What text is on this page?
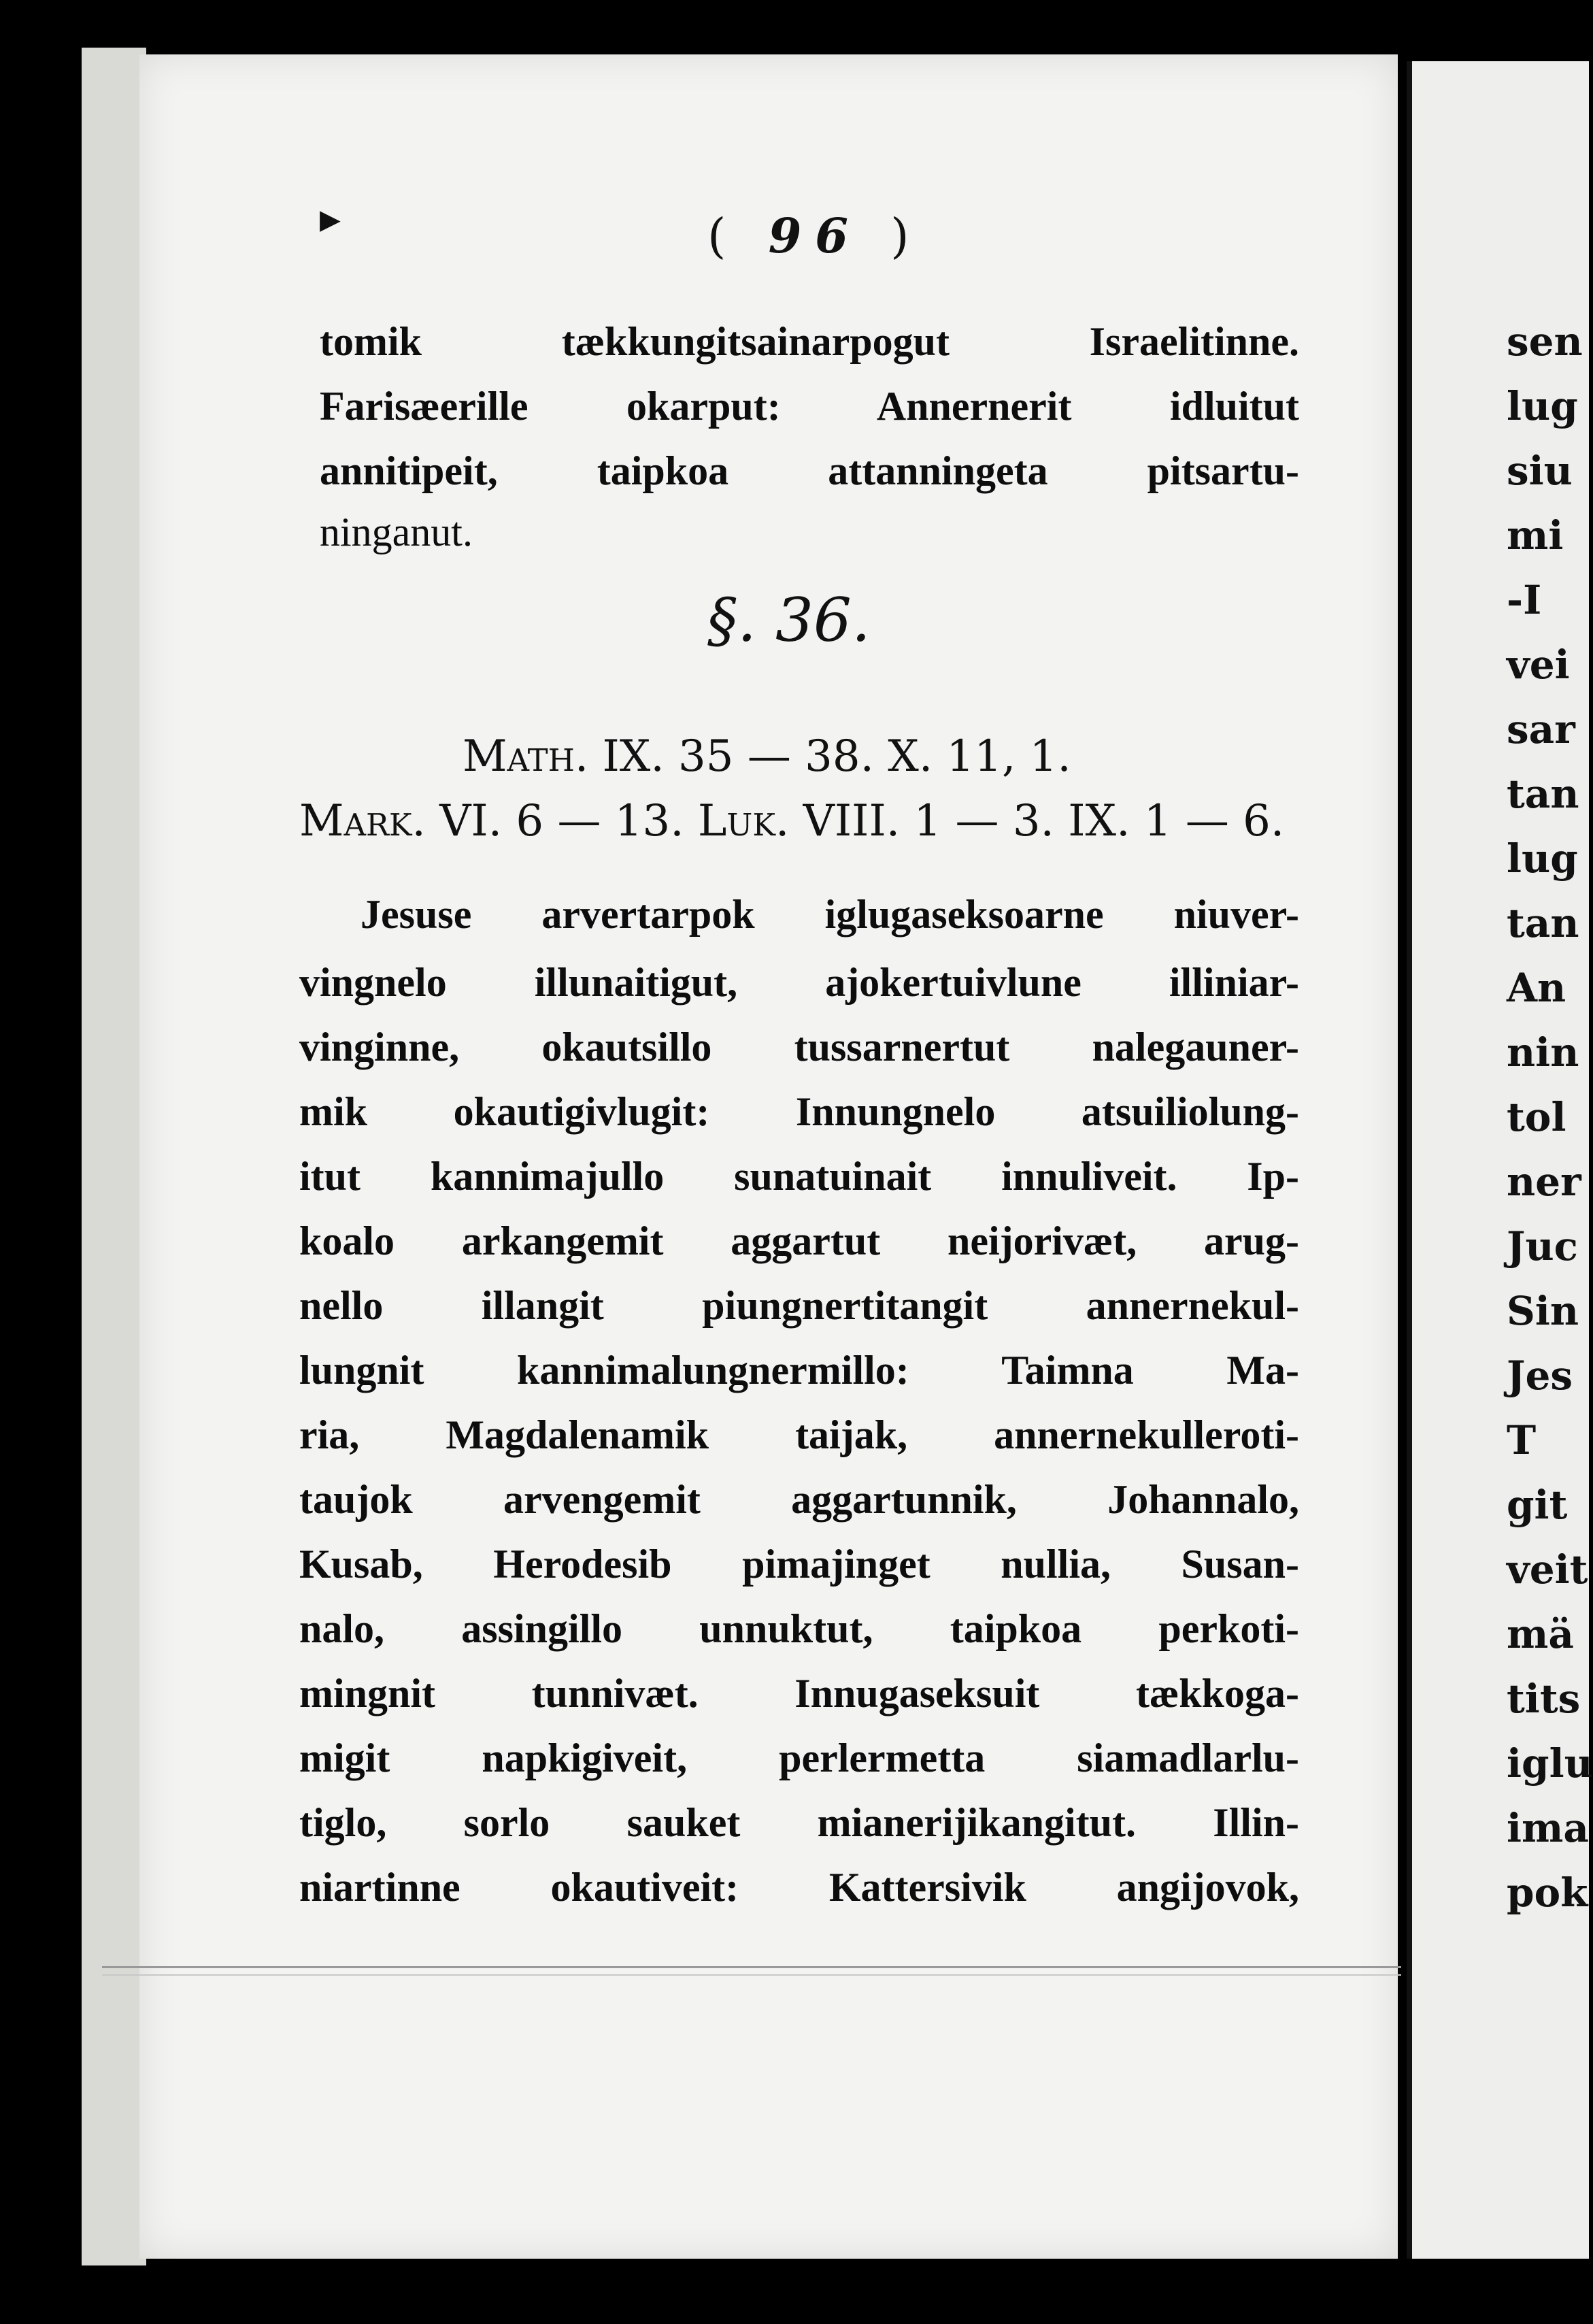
▶	( 96 )
tomik tækkungitsainarpogut Israelitinne.
Farisæerille okarput: Annernerit idluitut
annitipeit, taipkoa attanningeta pitsartu-
ninganut.
§. 36.
Math. IX. 35 — 38. X. 11, 1.
Mark. VI. 6 — 13. Luk. VIII. 1 — 3. IX. 1 — 6.
Jesuse arvertarpok iglugaseksoarne niuver-
vingnelo illunaitigut, ajokertuivlune illiniar-
vinginne, okautsillo tussarnertut nalegauner-
mik okautigivlugit: Innungnelo atsuiliolung-
itut kannimajullo sunatuinait innuliveit. Ip-
koalo arkangemit aggartut neijorivæt, arug-
nello illangit piungnertitangit annernekul-
lungnit kannimalungnermillo: Taimna Ma-
ria, Magdalenamik taijak, annernekulleroti-
taujok arvengemit aggartunnik, Johannalo,
Kusab, Herodesib pimajinget nullia, Susan-
nalo, assingillo unnuktut, taipkoa perkoti-
mingnit tunnivæt. Innugaseksuit tækkoga-
migit napkigiveit, perlermetta siamadlarlu-
tiglo, sorlo sauket mianerijikangitut. Illin-
niartinne okautiveit: Kattersivik angijovok,
sen
lug
siu
mi
-I
vei
sar
tan
lug
tan
An
nin
tol
ner
Juc
Sin
Jes
T
git
veit
mä
tits
iglu
ima
pok
